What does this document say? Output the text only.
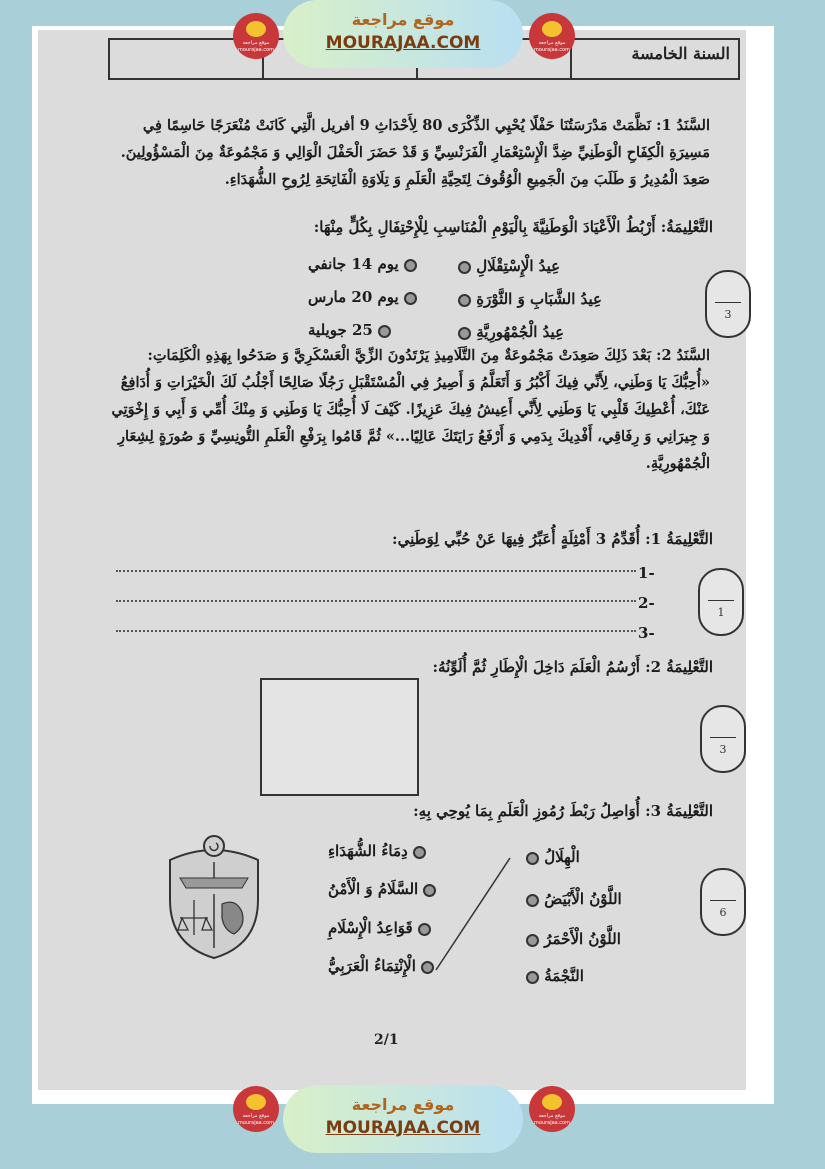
السنة الخامسة
السَّنَدُ 1: نَظَّمَتْ مَدْرَسَتُنَا حَفْلًا يُحْيِي الذِّكْرَى 80 لِأَحْدَاثِ 9 أفريل الَّتِي كَانَتْ مُنْعَرَجًا حَاسِمًا فِي مَسِيرَةِ الْكِفَاحِ الْوَطَنِيِّ ضِدَّ الْإِسْتِعْمَارِ الْفَرَنْسِيِّ وَ قَدْ حَضَرَ الْحَفْلَ الْوَالِي وَ مَجْمُوعَةٌ مِنَ الْمَسْؤُولِينَ. صَعِدَ الْمُدِيرُ وَ طَلَبَ مِنَ الْجَمِيعِ الْوُقُوفَ لِتَحِيَّةِ الْعَلَمِ وَ تِلَاوَةِ الْفَاتِحَةِ لِرُوحِ الشُّهَدَاءِ.
التَّعْلِيمَةُ: أَرْبُطُ الْأَعْيَادَ الْوَطَنِيَّةَ بِالْيَوْمِ الْمُنَاسِبِ لِلْإِحْتِفَالِ بِكُلٍّ مِنْهَا:
عِيدُ الْإِسْتِقْلَالِ
عِيدُ الشَّبَابِ وَ الثَّوْرَةِ
عِيدُ الْجُمْهُورِيَّةِ
يوم 14 جانفي
يوم 20 مارس
25 جويلية
السَّنَدُ 2: بَعْدَ ذَلِكَ صَعِدَتْ مَجْمُوعَةٌ مِنَ التَّلَامِيذِ يَرْتَدُونَ الزِّيَّ الْعَسْكَرِيَّ وَ صَدَحُوا بِهَذِهِ الْكَلِمَاتِ: «أُحِبُّكَ يَا وَطَنِي، لِأَنِّي فِيكَ أَكْبُرُ وَ أَتَعَلَّمُ وَ أَصِيرُ فِي الْمُسْتَقْبَلِ رَجُلًا صَالِحًا أَجْلُبُ لَكَ الْخَيْرَاتِ وَ أُدَافِعُ عَنْكَ، أُعْطِيكَ قَلْبِي يَا وَطَنِي لِأَنِّي أَعِيشُ فِيكَ عَزِيزًا. كَيْفَ لَا أُحِبُّكَ يَا وَطَنِي وَ مِنْكَ أُمِّي وَ أَبِي وَ إِخْوَتِي وَ جِيرَانِي وَ رِفَاقِي، أَفْدِيكَ بِدَمِي وَ أَرْفَعُ رَايَتَكَ عَالِيًا...» ثُمَّ قَامُوا بِرَفْعِ الْعَلَمِ التُّونِسِيِّ وَ صُورَةٍ لِشِعَارِ الْجُمْهُورِيَّةِ.
التَّعْلِيمَةُ 1: أُقَدِّمُ 3 أَمْثِلَةٍ أُعَبِّرُ فِيهَا عَنْ حُبِّي لِوَطَنِي:
-1
-2
-3
التَّعْلِيمَةُ 2: أَرْسُمُ الْعَلَمَ دَاخِلَ الْإِطَارِ ثُمَّ أُلَوِّنُهُ:
التَّعْلِيمَةُ 3: أُوَاصِلُ رَبْطَ رُمُوزِ الْعَلَمِ بِمَا يُوحِي بِهِ:
الْهِلَالُ
اللَّوْنُ الْأَبْيَضُ
اللَّوْنُ الْأَحْمَرُ
النَّجْمَةُ
دِمَاءُ الشُّهَدَاءِ
السَّلَامُ وَ الْأَمْنُ
قَوَاعِدُ الْإِسْلَامِ
الْإِنْتِمَاءُ الْعَرَبِيُّ
2/1
3
1
3
6
موقع مراجعة
MOURAJAA.COM
موقع مراجعة
mourajaa.com
موقع مراجعة
mourajaa.com
موقع مراجعة
MOURAJAA.COM
موقع مراجعة
mourajaa.com
موقع مراجعة
mourajaa.com
